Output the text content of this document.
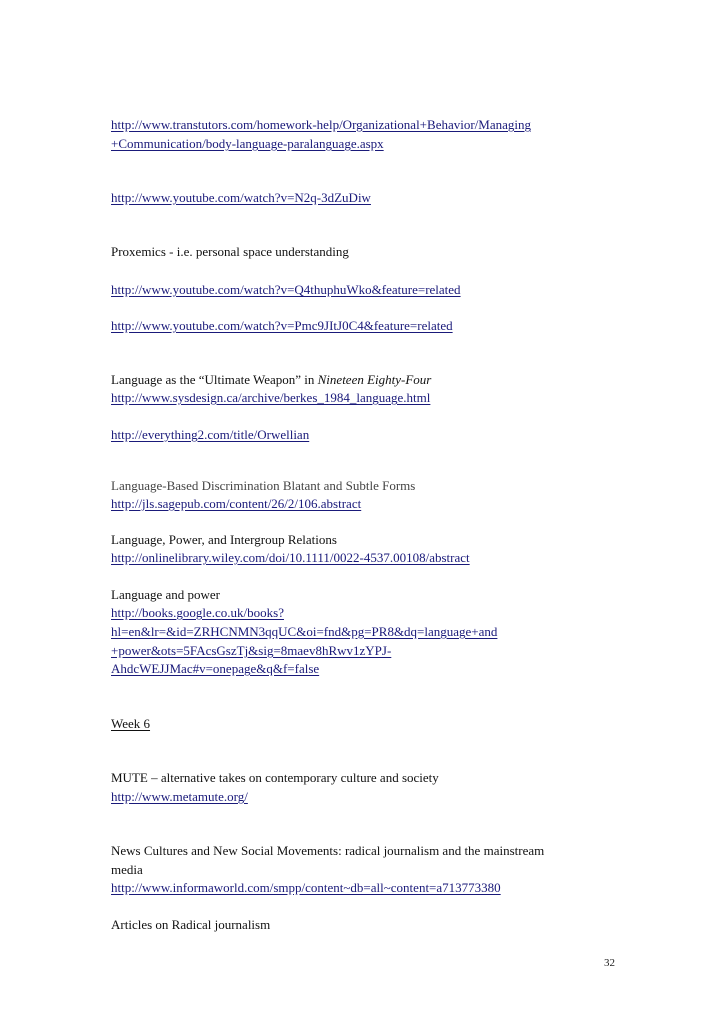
http://www.transtutors.com/homework-help/Organizational+Behavior/Managing
+Communication/body-language-paralanguage.aspx
http://www.youtube.com/watch?v=N2q-3dZuDiw
Proxemics - i.e. personal space understanding
http://www.youtube.com/watch?v=Q4thuphuWko&feature=related
http://www.youtube.com/watch?v=Pmc9JItJ0C4&feature=related
Language as the “Ultimate Weapon” in Nineteen Eighty-Four
http://www.sysdesign.ca/archive/berkes_1984_language.html
http://everything2.com/title/Orwellian
Language-Based Discrimination Blatant and Subtle Forms
http://jls.sagepub.com/content/26/2/106.abstract
Language, Power, and Intergroup Relations
http://onlinelibrary.wiley.com/doi/10.1111/0022-4537.00108/abstract
Language and power
http://books.google.co.uk/books?
hl=en&lr=&id=ZRHCNMN3qqUC&oi=fnd&pg=PR8&dq=language+and
+power&ots=5FAcsGszTj&sig=8maev8hRwv1zYPJ-
AhdcWEJJMac#v=onepage&q&f=false
Week 6
MUTE – alternative takes on contemporary culture and society
http://www.metamute.org/
News Cultures and New Social Movements: radical journalism and the mainstream
media
http://www.informaworld.com/smpp/content~db=all~content=a713773380
Articles on Radical journalism
32
